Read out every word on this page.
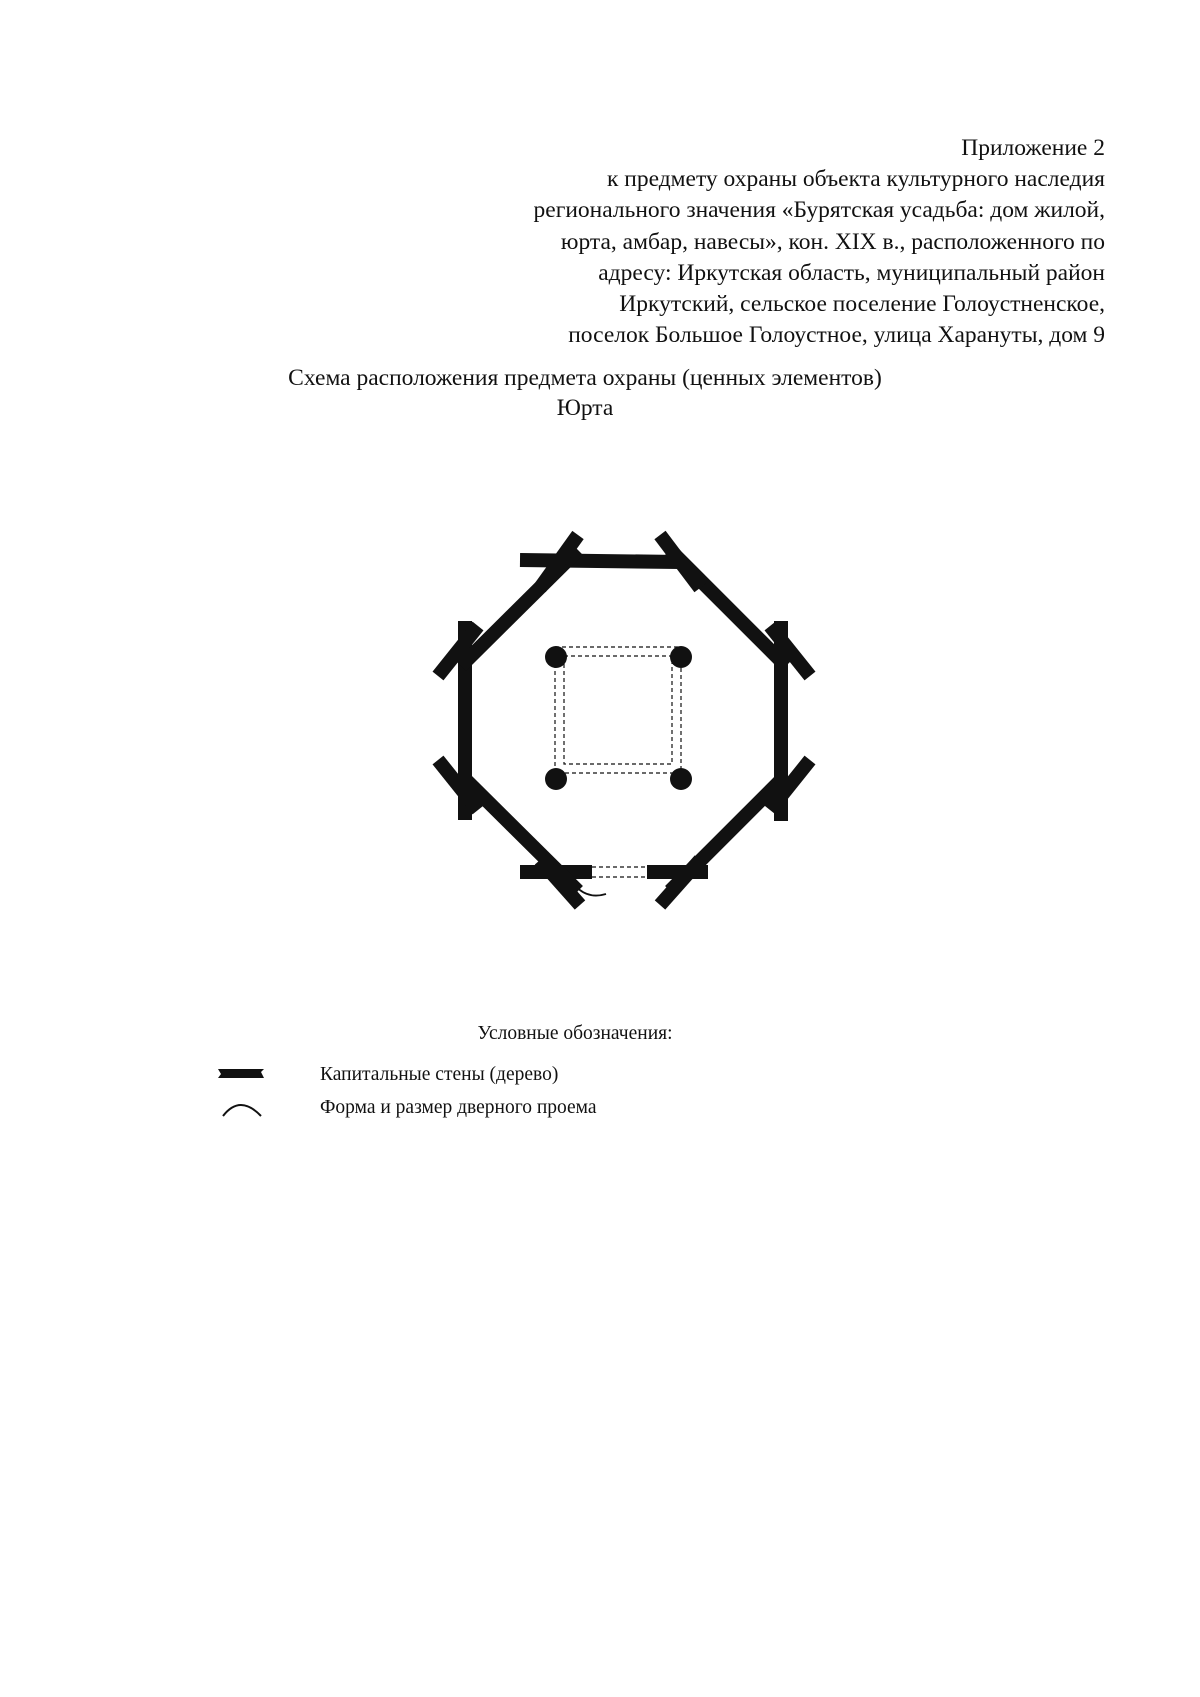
Приложение 2
к предмету охраны объекта культурного наследия
регионального значения «Бурятская усадьба: дом жилой,
юрта, амбар, навесы», кон. XIX в., расположенного по
адресу: Иркутская область, муниципальный район
Иркутский, сельское поселение Голоустненское,
поселок Большое Голоустное, улица Харануты, дом 9
Схема расположения предмета охраны (ценных элементов)
Юрта
Условные обозначения:
Капитальные стены (дерево)
Форма и размер дверного проема
